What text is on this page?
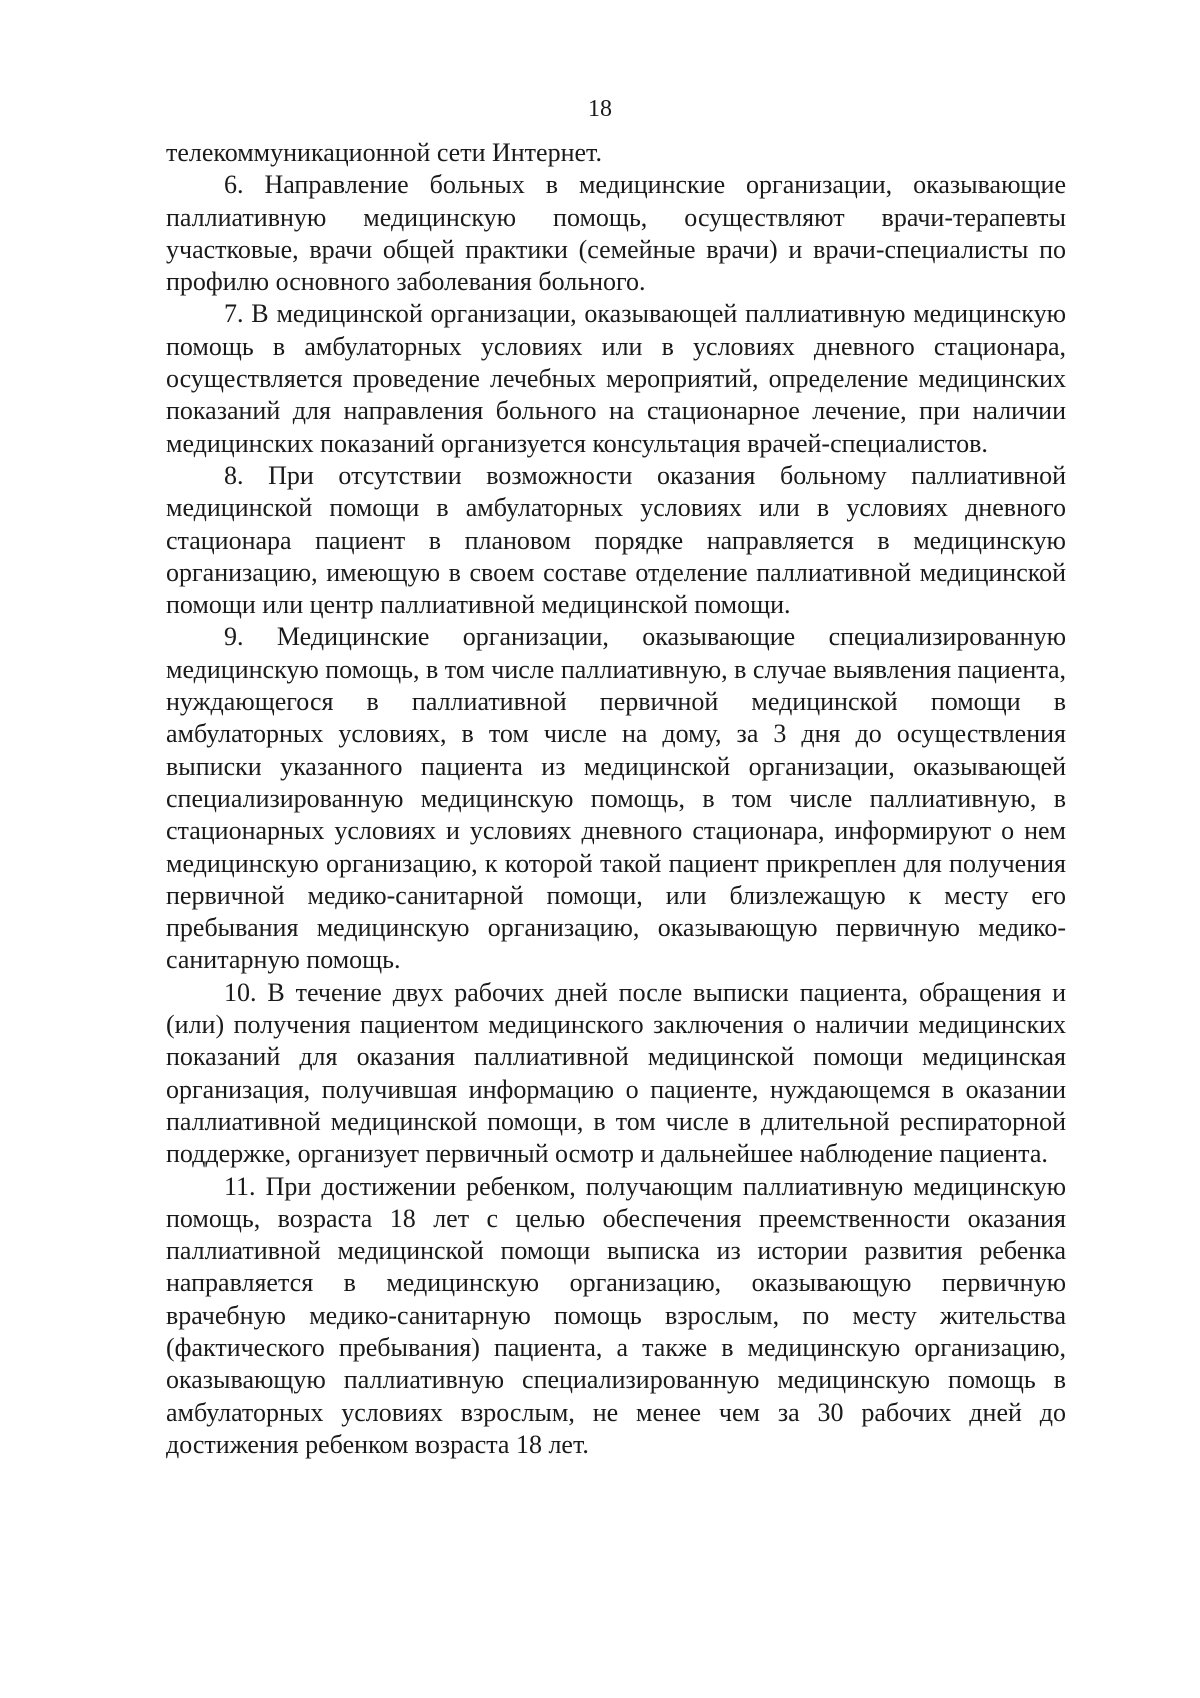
18

телекоммуникационной сети Интернет.

6. Направление больных в медицинские организации, оказывающие паллиативную медицинскую помощь, осуществляют врачи-терапевты участковые, врачи общей практики (семейные врачи) и врачи-специалисты по профилю основного заболевания больного.

7. В медицинской организации, оказывающей паллиативную медицинскую помощь в амбулаторных условиях или в условиях дневного стационара, осуществляется проведение лечебных мероприятий, определение медицинских показаний для направления больного на стационарное лечение, при наличии медицинских показаний организуется консультация врачей-специалистов.

8. При отсутствии возможности оказания больному паллиативной медицинской помощи в амбулаторных условиях или в условиях дневного стационара пациент в плановом порядке направляется в медицинскую организацию, имеющую в своем составе отделение паллиативной медицинской помощи или центр паллиативной медицинской помощи.

9. Медицинские организации, оказывающие специализированную медицинскую помощь, в том числе паллиативную, в случае выявления пациента, нуждающегося в паллиативной первичной медицинской помощи в амбулаторных условиях, в том числе на дому, за 3 дня до осуществления выписки указанного пациента из медицинской организации, оказывающей специализированную медицинскую помощь, в том числе паллиативную, в стационарных условиях и условиях дневного стационара, информируют о нем медицинскую организацию, к которой такой пациент прикреплен для получения первичной медико-санитарной помощи, или близлежащую к месту его пребывания медицинскую организацию, оказывающую первичную медико-санитарную помощь.

10. В течение двух рабочих дней после выписки пациента, обращения и (или) получения пациентом медицинского заключения о наличии медицинских показаний для оказания паллиативной медицинской помощи медицинская организация, получившая информацию о пациенте, нуждающемся в оказании паллиативной медицинской помощи, в том числе в длительной респираторной поддержке, организует первичный осмотр и дальнейшее наблюдение пациента.

11. При достижении ребенком, получающим паллиативную медицинскую помощь, возраста 18 лет с целью обеспечения преемственности оказания паллиативной медицинской помощи выписка из истории развития ребенка направляется в медицинскую организацию, оказывающую первичную врачебную медико-санитарную помощь взрослым, по месту жительства (фактического пребывания) пациента, а также в медицинскую организацию, оказывающую паллиативную специализированную медицинскую помощь в амбулаторных условиях взрослым, не менее чем за 30 рабочих дней до достижения ребенком возраста 18 лет.
